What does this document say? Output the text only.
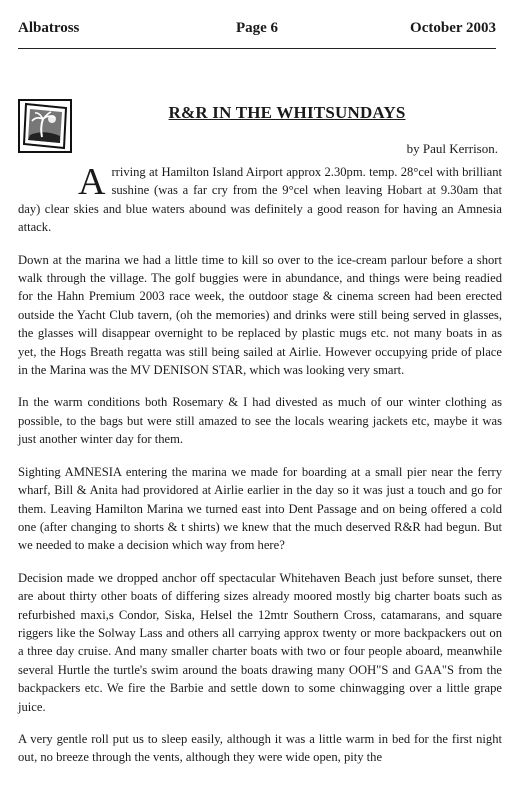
Albatross	Page 6	October 2003
R&R IN THE WHITSUNDAYS
by Paul Kerrison.

Arriving at Hamilton Island Airport approx 2.30pm. temp. 28°cel with brilliant sushine (was a far cry from the 9°cel when leaving Hobart at 9.30am that day) clear skies and blue waters abound was definitely a good reason for having an Amnesia attack.

Down at the marina we had a little time to kill so over to the ice-cream parlour before a short walk through the village. The golf buggies were in abundance, and things were being readied for the Hahn Premium 2003 race week, the outdoor stage & cinema screen had been erected outside the Yacht Club tavern, (oh the memories) and drinks were still being served in glasses, the glasses will disappear overnight to be replaced by plastic mugs etc. not many boats in as yet, the Hogs Breath regatta was still being sailed at Airlie. However occupying pride of place in the Marina was the MV DENISON STAR, which was looking very smart.

In the warm conditions both Rosemary & I had divested as much of our winter clothing as possible, to the bags but were still amazed to see the locals wearing jackets etc, maybe it was just another winter day for them.

Sighting AMNESIA entering the marina we made for boarding at a small pier near the ferry wharf, Bill & Anita had providored at Airlie earlier in the day so it was just a touch and go for them. Leaving Hamilton Marina we turned east into Dent Passage and on being offered a cold one (after changing to shorts & t shirts) we knew that the much deserved R&R had begun. But we needed to make a decision which way from here?

Decision made we dropped anchor off spectacular Whitehaven Beach just before sunset, there are about thirty other boats of differing sizes already moored mostly big charter boats such as refurbished maxi,s Condor, Siska, Helsel the 12mtr Southern Cross, catamarans, and square riggers like the Solway Lass and others all carrying approx twenty or more backpackers out on a three day cruise. And many smaller charter boats with two or four people aboard, meanwhile several Hurtle the turtle's swim around the boats drawing many OOH"S and GAA"S from the backpackers etc. We fire the Barbie and settle down to some chinwagging over a little grape juice.

A very gentle roll put us to sleep easily, although it was a little warm in bed for the first night out, no breeze through the vents, although they were wide open, pity the
